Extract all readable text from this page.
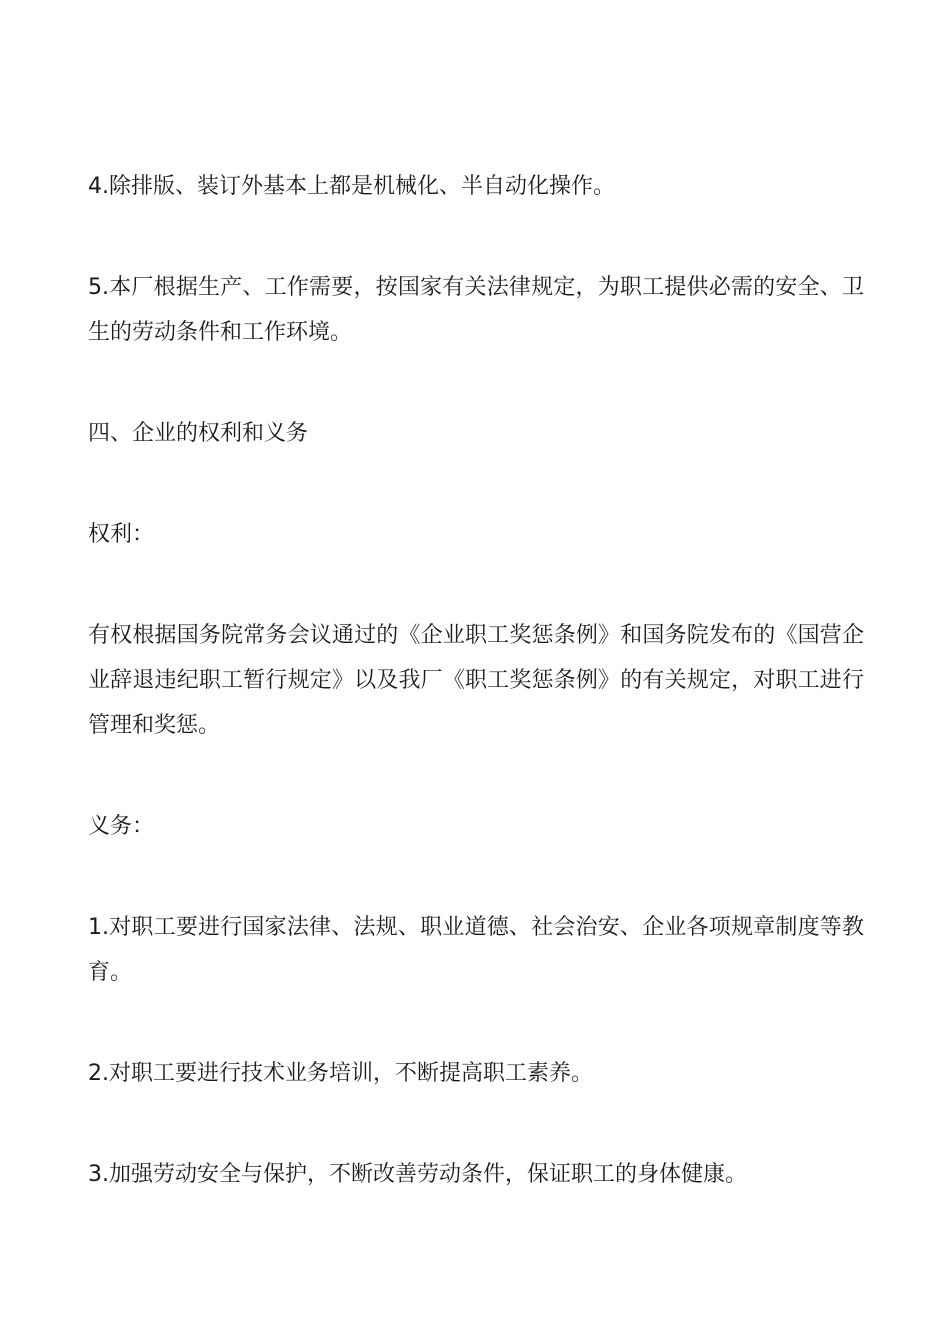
4.除排版、装订外基本上都是机械化、半自动化操作。

5.本厂根据生产、工作需要，按国家有关法律规定，为职工提供必需的安全、卫生的劳动条件和工作环境。

四、企业的权利和义务

权利：

有权根据国务院常务会议通过的《企业职工奖惩条例》和国务院发布的《国营企业辞退违纪职工暂行规定》以及我厂《职工奖惩条例》的有关规定，对职工进行管理和奖惩。

义务：

1.对职工要进行国家法律、法规、职业道德、社会治安、企业各项规章制度等教育。

2.对职工要进行技术业务培训，不断提高职工素养。

3.加强劳动安全与保护，不断改善劳动条件，保证职工的身体健康。
